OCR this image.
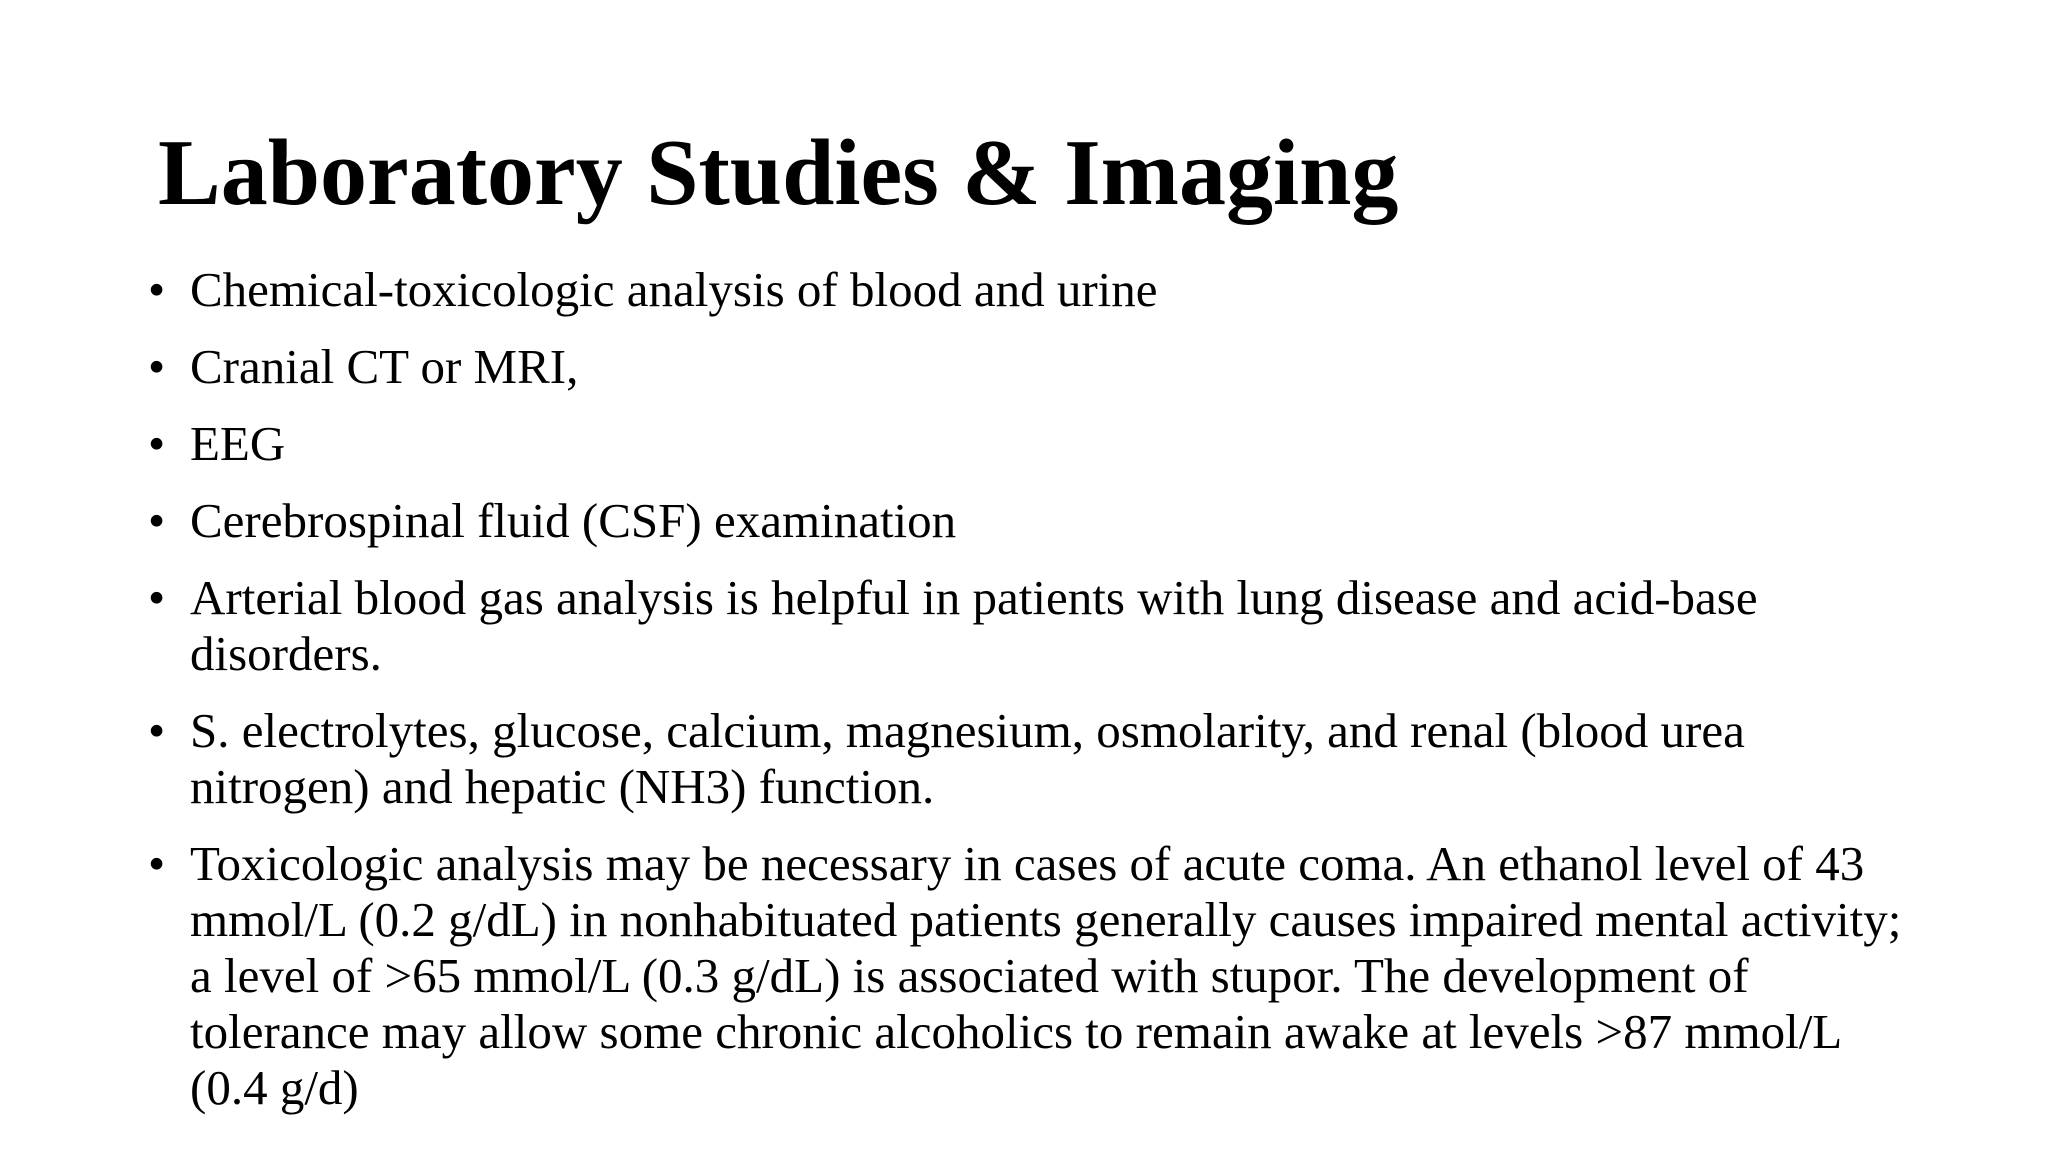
Laboratory Studies & Imaging
• Chemical-toxicologic analysis of blood and urine
• Cranial CT or MRI,
• EEG
• Cerebrospinal fluid (CSF) examination
• Arterial blood gas analysis is helpful in patients with lung disease and acid-base disorders.
• S. electrolytes, glucose, calcium, magnesium, osmolarity, and renal (blood urea nitrogen) and hepatic (NH3) function.
• Toxicologic analysis may be necessary in cases of acute coma. An ethanol level of 43 mmol/L (0.2 g/dL) in nonhabituated patients generally causes impaired mental activity; a level of >65 mmol/L (0.3 g/dL) is associated with stupor. The development of tolerance may allow some chronic alcoholics to remain awake at levels >87 mmol/L (0.4 g/d)
